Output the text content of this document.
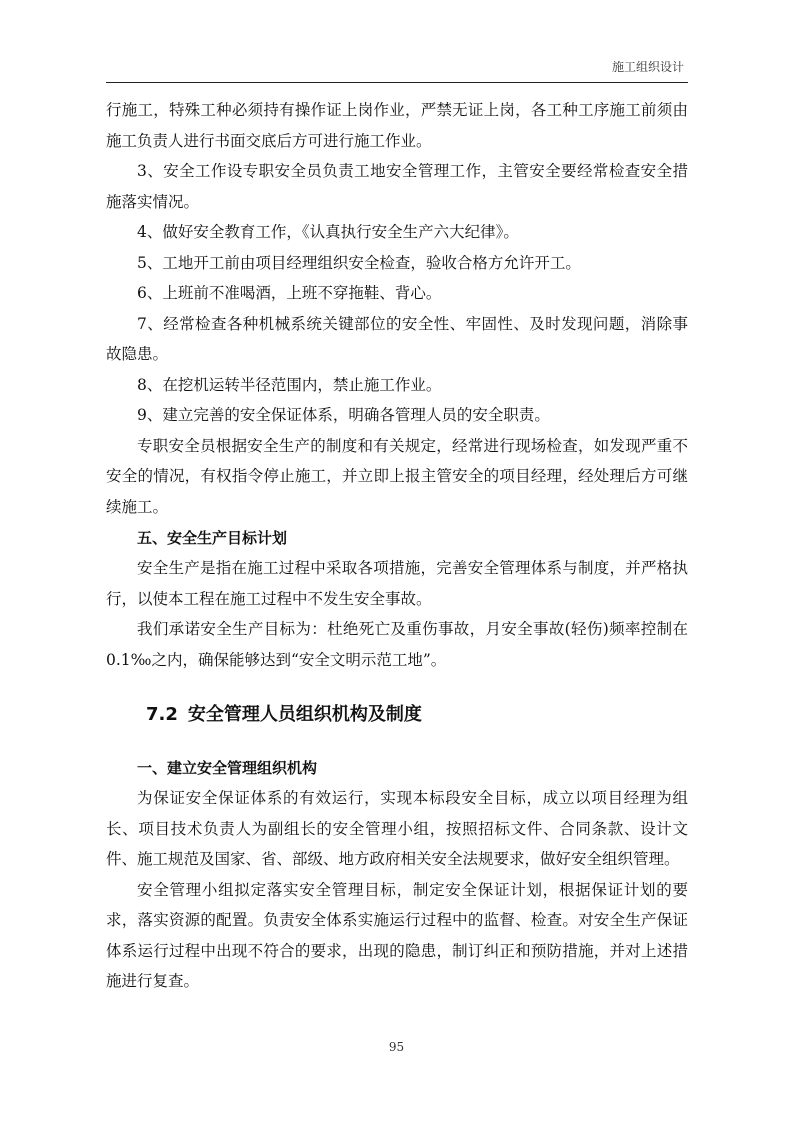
施工组织设计

行施工，特殊工种必须持有操作证上岗作业，严禁无证上岗，各工种工序施工前须由施工负责人进行书面交底后方可进行施工作业。

3、安全工作设专职安全员负责工地安全管理工作，主管安全要经常检查安全措施落实情况。

4、做好安全教育工作，《认真执行安全生产六大纪律》。

5、工地开工前由项目经理组织安全检查，验收合格方允许开工。

6、上班前不准喝酒，上班不穿拖鞋、背心。

7、经常检查各种机械系统关键部位的安全性、牢固性、及时发现问题，消除事故隐患。

8、在挖机运转半径范围内，禁止施工作业。

9、建立完善的安全保证体系，明确各管理人员的安全职责。

专职安全员根据安全生产的制度和有关规定，经常进行现场检查，如发现严重不安全的情况，有权指令停止施工，并立即上报主管安全的项目经理，经处理后方可继续施工。

五、安全生产目标计划

安全生产是指在施工过程中采取各项措施，完善安全管理体系与制度，并严格执行，以使本工程在施工过程中不发生安全事故。

我们承诺安全生产目标为：杜绝死亡及重伤事故，月安全事故(轻伤)频率控制在 0.1‰之内，确保能够达到“安全文明示范工地”。

7.2 安全管理人员组织机构及制度
一、建立安全管理组织机构

为保证安全保证体系的有效运行，实现本标段安全目标，成立以项目经理为组长、项目技术负责人为副组长的安全管理小组，按照招标文件、合同条款、设计文件、施工规范及国家、省、部级、地方政府相关安全法规要求，做好安全组织管理。

安全管理小组拟定落实安全管理目标，制定安全保证计划，根据保证计划的要求，落实资源的配置。负责安全体系实施运行过程中的监督、检查。对安全生产保证体系运行过程中出现不符合的要求，出现的隐患，制订纠正和预防措施，并对上述措施进行复查。

95
